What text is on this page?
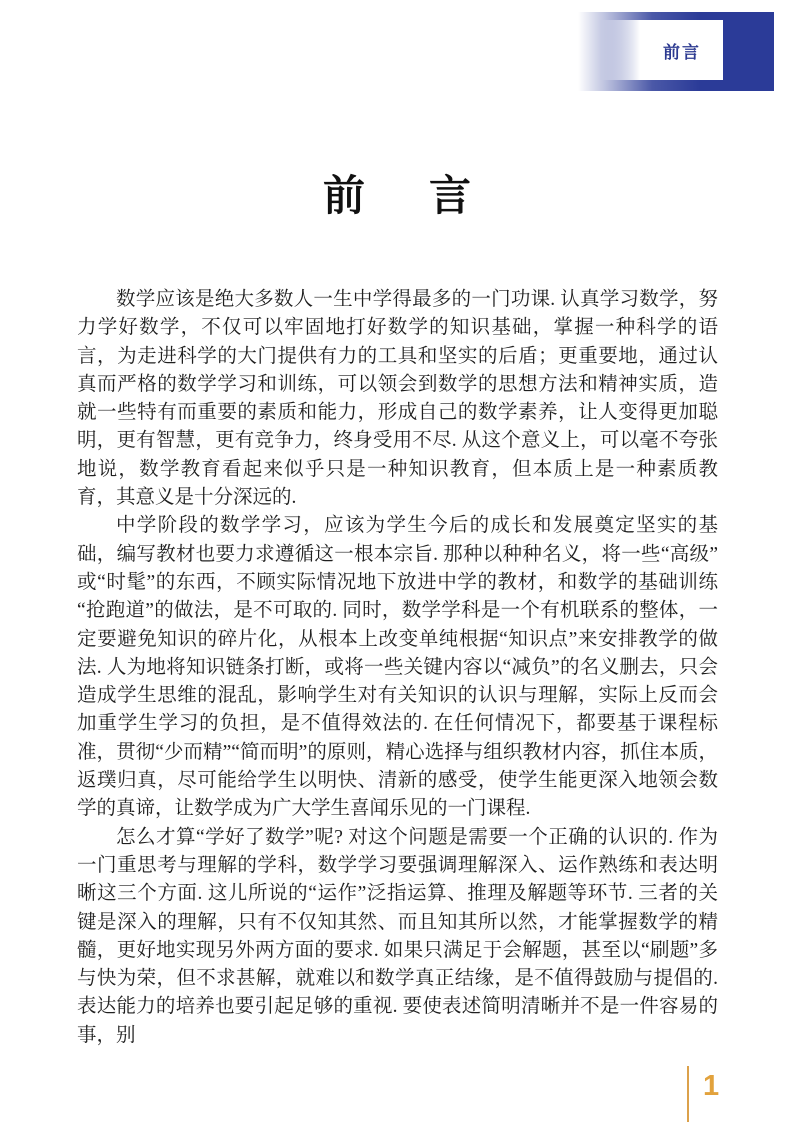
前言
前言

数学应该是绝大多数人一生中学得最多的一门功课. 认真学习数学，努力学好数学，不仅可以牢固地打好数学的知识基础，掌握一种科学的语言，为走进科学的大门提供有力的工具和坚实的后盾；更重要地，通过认真而严格的数学学习和训练，可以领会到数学的思想方法和精神实质，造就一些特有而重要的素质和能力，形成自己的数学素养，让人变得更加聪明，更有智慧，更有竞争力，终身受用不尽. 从这个意义上，可以毫不夸张地说，数学教育看起来似乎只是一种知识教育，但本质上是一种素质教育，其意义是十分深远的.

中学阶段的数学学习，应该为学生今后的成长和发展奠定坚实的基础，编写教材也要力求遵循这一根本宗旨. 那种以种种名义，将一些“高级”或“时髦”的东西，不顾实际情况地下放进中学的教材，和数学的基础训练“抢跑道”的做法，是不可取的. 同时，数学学科是一个有机联系的整体，一定要避免知识的碎片化，从根本上改变单纯根据“知识点”来安排教学的做法. 人为地将知识链条打断，或将一些关键内容以“减负”的名义删去，只会造成学生思维的混乱，影响学生对有关知识的认识与理解，实际上反而会加重学生学习的负担，是不值得效法的. 在任何情况下，都要基于课程标准，贯彻“少而精”“简而明”的原则，精心选择与组织教材内容，抓住本质，返璞归真，尽可能给学生以明快、清新的感受，使学生能更深入地领会数学的真谛，让数学成为广大学生喜闻乐见的一门课程.

怎么才算“学好了数学”呢? 对这个问题是需要一个正确的认识的. 作为一门重思考与理解的学科，数学学习要强调理解深入、运作熟练和表达明晰这三个方面. 这儿所说的“运作”泛指运算、推理及解题等环节. 三者的关键是深入的理解，只有不仅知其然、而且知其所以然，才能掌握数学的精髓，更好地实现另外两方面的要求. 如果只满足于会解题，甚至以“刷题”多与快为荣，但不求甚解，就难以和数学真正结缘，是不值得鼓励与提倡的. 表达能力的培养也要引起足够的重视. 要使表述简明清晰并不是一件容易的事，别

1
